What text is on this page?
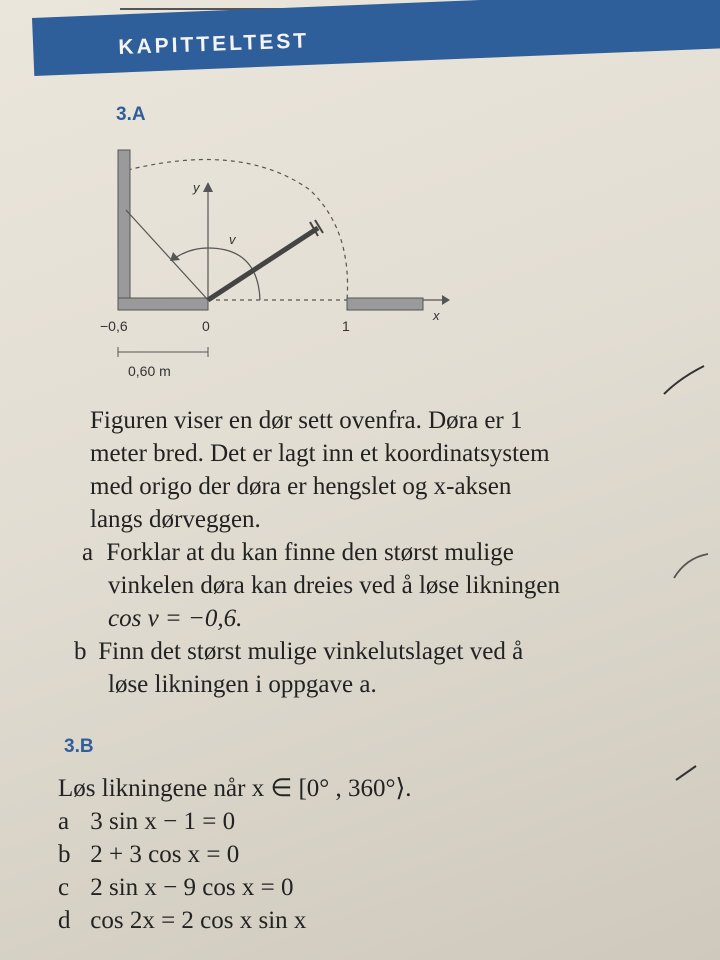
KAPITTELTEST
3.A
y
x
v
−0,6	0	1
0,60 m
Figuren viser en dør sett ovenfra. Døra er 1
meter bred. Det er lagt inn et koordinatsystem
med origo der døra er hengslet og x-aksen
langs dørveggen.
a Forklar at du kan finne den størst mulige
vinkelen døra kan dreies ved å løse likningen
cos v = −0,6.
b Finn det størst mulige vinkelutslaget ved å
løse likningen i oppgave a.
3.B
Løs likningene når x ∈ [0° , 360°⟩.
a 3 sin x − 1 = 0
b 2 + 3 cos x = 0
c 2 sin x − 9 cos x = 0
d cos 2x = 2 cos x sin x
